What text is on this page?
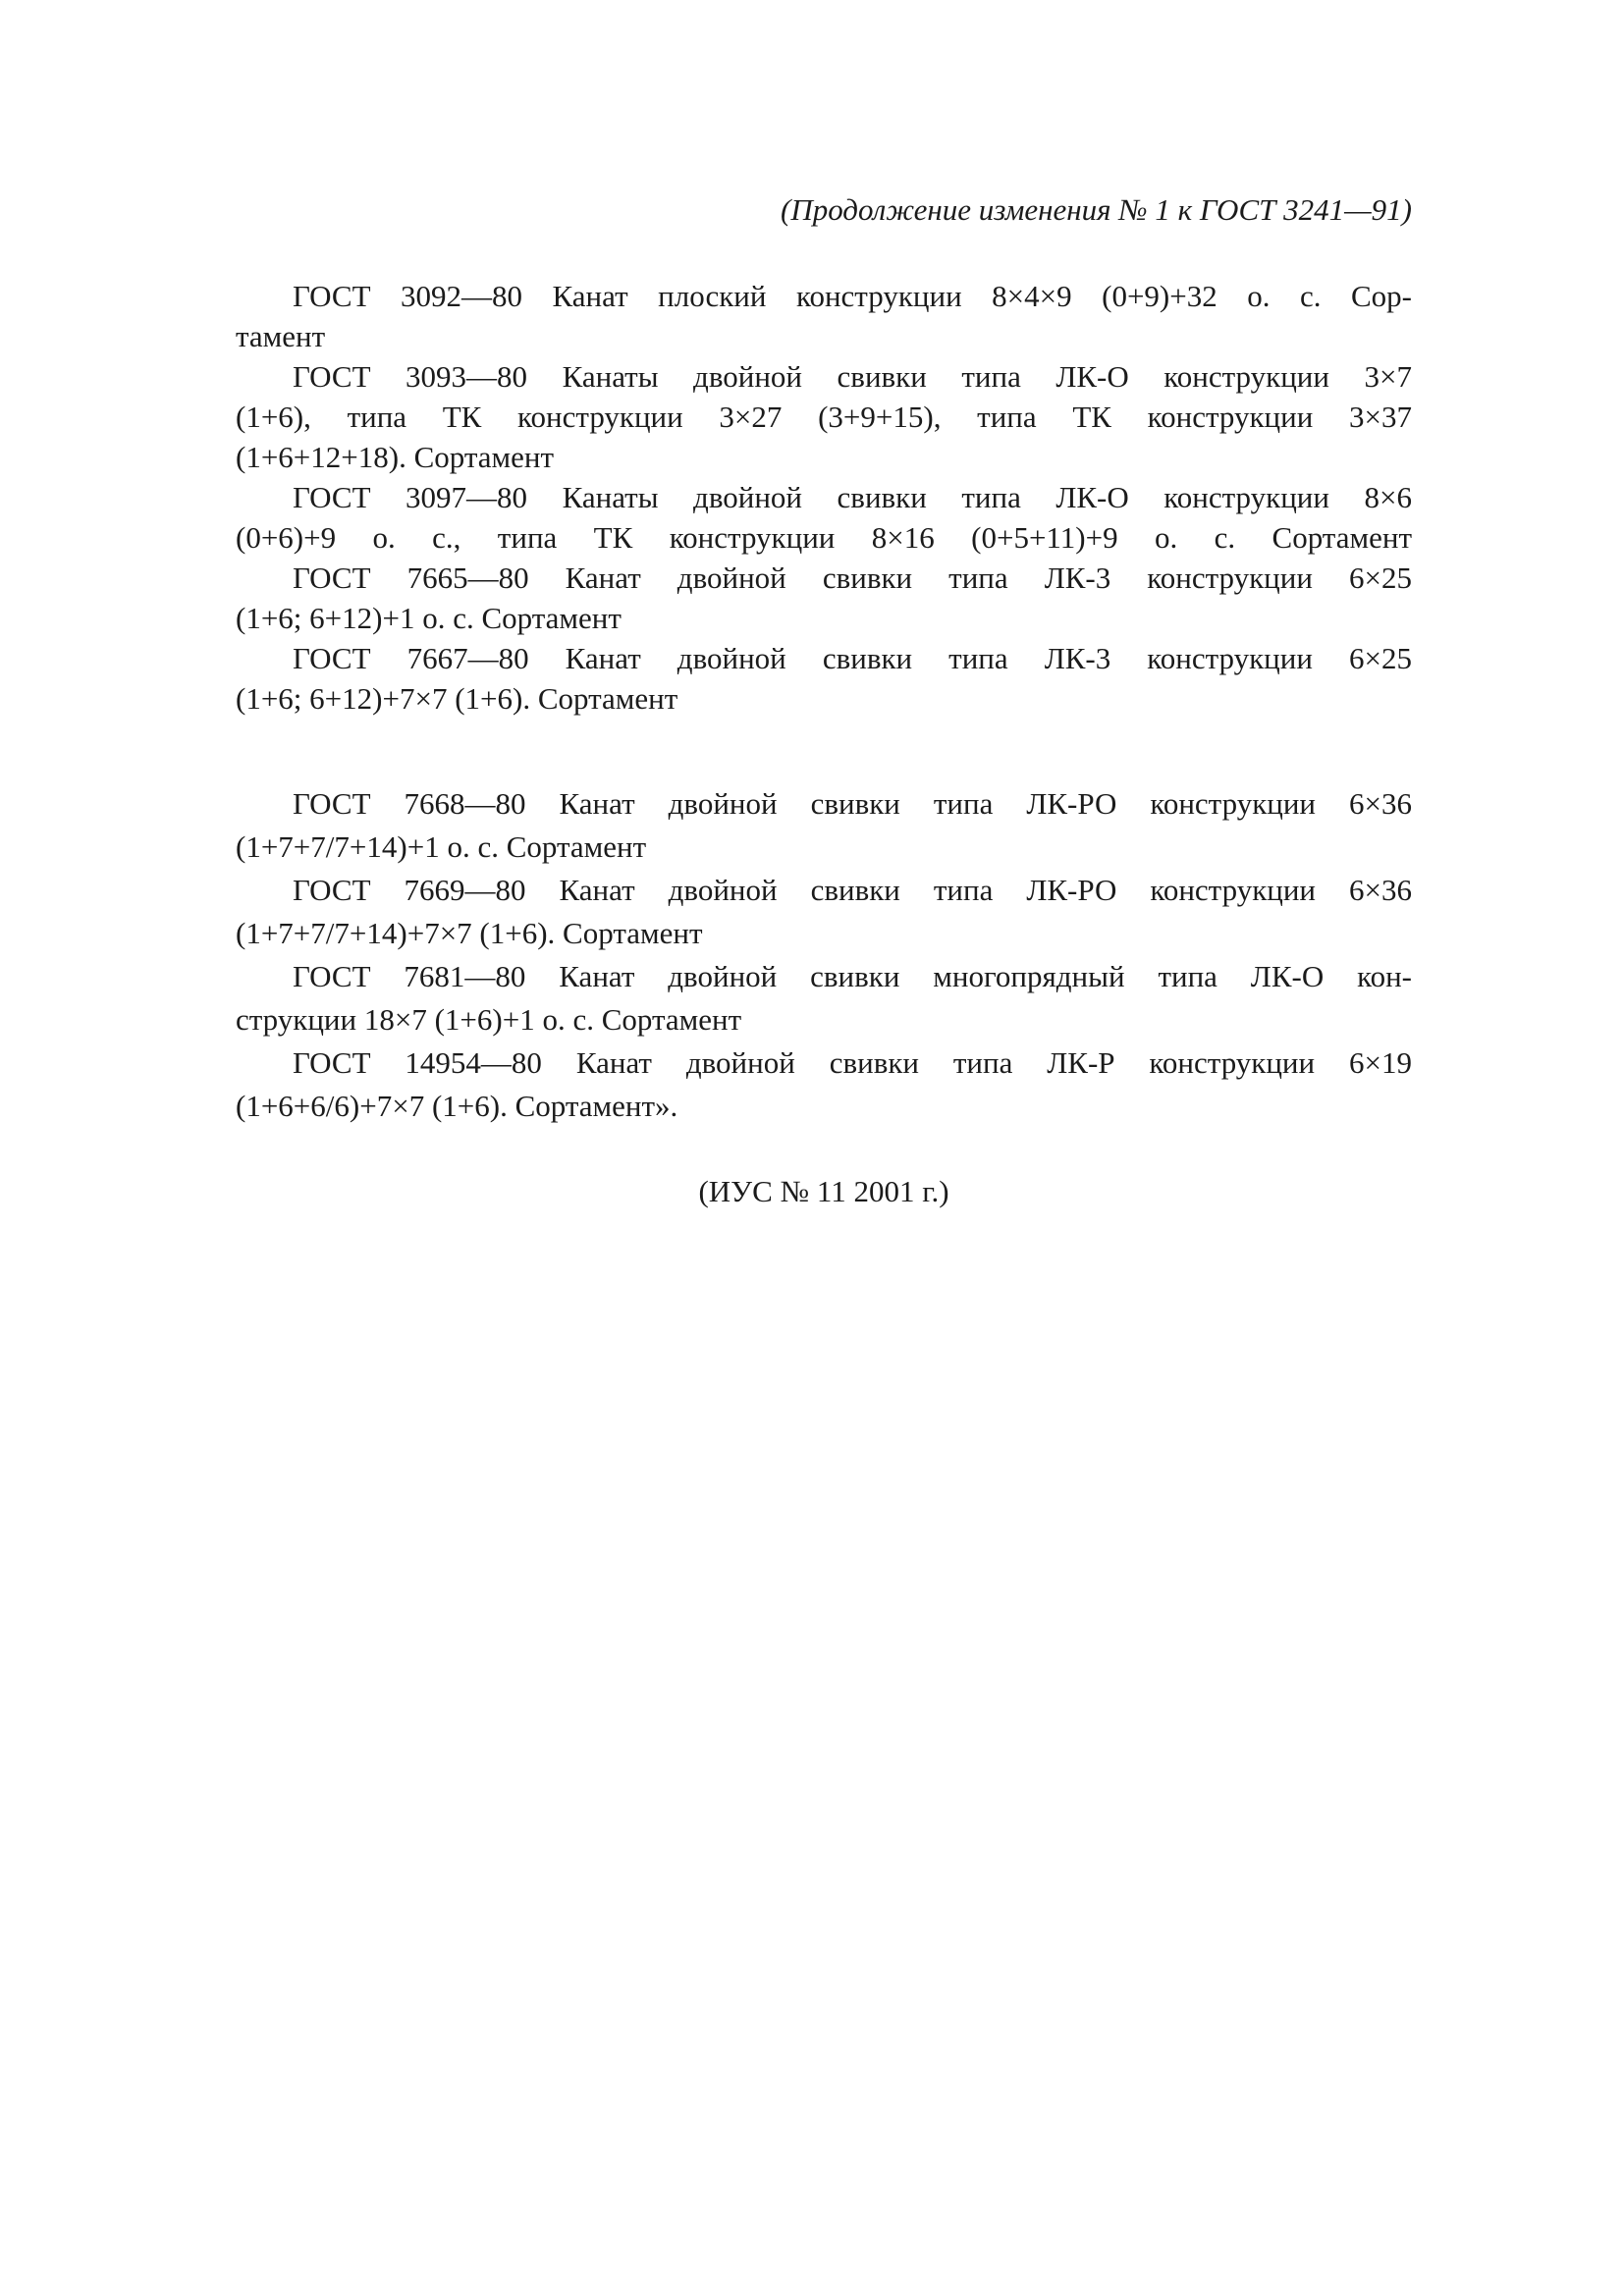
(Продолжение изменения № 1 к ГОСТ 3241—91)
ГОСТ 3092—80 Канат плоский конструкции 8×4×9 (0+9)+32 о. с. Сор-
тамент
ГОСТ 3093—80 Канаты двойной свивки типа ЛК-О конструкции 3×7
(1+6), типа ТК конструкции 3×27 (3+9+15), типа ТК конструкции 3×37
(1+6+12+18). Сортамент
ГОСТ 3097—80 Канаты двойной свивки типа ЛК-О конструкции 8×6
(0+6)+9 о. с., типа ТК конструкции 8×16 (0+5+11)+9 о. с. Сортамент
ГОСТ 7665—80 Канат двойной свивки типа ЛК-3 конструкции 6×25
(1+6; 6+12)+1 о. с. Сортамент
ГОСТ 7667—80 Канат двойной свивки типа ЛК-3 конструкции 6×25
(1+6; 6+12)+7×7 (1+6). Сортамент
ГОСТ 7668—80 Канат двойной свивки типа ЛК-РО конструкции 6×36
(1+7+7/7+14)+1 о. с. Сортамент
ГОСТ 7669—80 Канат двойной свивки типа ЛК-РО конструкции 6×36
(1+7+7/7+14)+7×7 (1+6). Сортамент
ГОСТ 7681—80 Канат двойной свивки многопрядный типа ЛК-О кон-
струкции 18×7 (1+6)+1 о. с. Сортамент
ГОСТ 14954—80 Канат двойной свивки типа ЛК-Р конструкции 6×19
(1+6+6/6)+7×7 (1+6). Сортамент».
(ИУС № 11 2001 г.)
